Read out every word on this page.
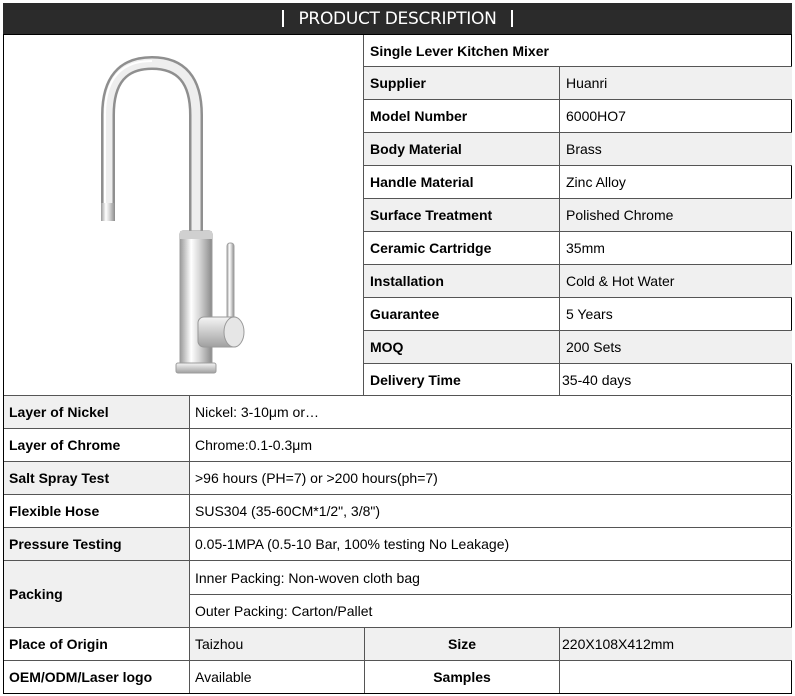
PRODUCT DESCRIPTION
Single Lever Kitchen Mixer
Supplier	Huanri
Model Number	6000HO7
Body Material	Brass
Handle Material	Zinc Alloy
Surface Treatment	Polished Chrome
Ceramic Cartridge	35mm
Installation	Cold & Hot Water
Guarantee	5 Years
MOQ	200 Sets
Delivery Time	35-40 days
Layer of Nickel	Nickel: 3-10μm or…
Layer of Chrome	Chrome:0.1-0.3μm
Salt Spray Test	>96 hours (PH=7) or >200 hours(ph=7)
Flexible Hose	SUS304 (35-60CM*1/2", 3/8")
Pressure Testing	0.05-1MPA (0.5-10 Bar, 100% testing No Leakage)
Packing
Inner Packing: Non-woven cloth bag
Outer Packing: Carton/Pallet
Place of Origin	Taizhou	Size	220X108X412mm
OEM/ODM/Laser logo	Available	Samples
